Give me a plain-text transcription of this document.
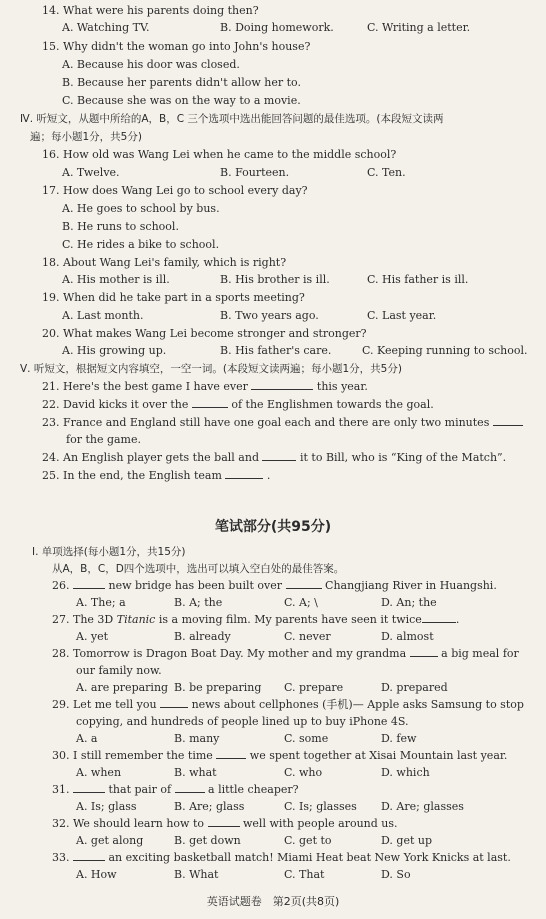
14. What were his parents doing then?
A. Watching TV.	B. Doing homework.	C. Writing a letter.
15. Why didn't the woman go into John's house?
A. Because his door was closed.
B. Because her parents didn't allow her to.
C. Because she was on the way to a movie.
Ⅳ. 听短文，从题中所给的A，B，C 三个选项中选出能回答问题的最佳选项。(本段短文读两
遍；每小题1分，共5分)
16. How old was Wang Lei when he came to the middle school?
A. Twelve.	B. Fourteen.	C. Ten.
17. How does Wang Lei go to school every day?
A. He goes to school by bus.
B. He runs to school.
C. He rides a bike to school.
18. About Wang Lei's family, which is right?
A. His mother is ill.	B. His brother is ill.	C. His father is ill.
19. When did he take part in a sports meeting?
A. Last month.	B. Two years ago.	C. Last year.
20. What makes Wang Lei become stronger and stronger?
A. His growing up.	B. His father's care.	C. Keeping running to school.
Ⅴ. 听短文，根据短文内容填空，一空一词。(本段短文读两遍；每小题1分，共5分)
21. Here's the best game I have ever	this year.
22. David kicks it over the	of the Englishmen towards the goal.
23. France and England still have one goal each and there are only two minutes
for the game.
24. An English player gets the ball and	it to Bill, who is “King of the Match”.
25. In the end, the English team	.
笔试部分(共95分)
Ⅰ. 单项选择(每小题1分，共15分)
从A，B，C，D四个选项中，选出可以填入空白处的最佳答案。
26.	new bridge has been built over	Changjiang River in Huangshi.
A. The; a	B. A; the	C. A; \	D. An; the
27. The 3D Titanic is a moving film. My parents have seen it twice	.
A. yet	B. already	C. never	D. almost
28. Tomorrow is Dragon Boat Day. My mother and my grandma	a big meal for
our family now.
A. are preparing B. be preparing C. prepare	D. prepared
29. Let me tell you	news about cellphones (手机)— Apple asks Samsung to stop
copying, and hundreds of people lined up to buy iPhone 4S.
A. a	B. many	C. some	D. few
30. I still remember the time	we spent together at Xisai Mountain last year.
A. when	B. what	C. who	D. which
31.	that pair of	a little cheaper?
A. Is; glass	B. Are; glass	C. Is; glasses D. Are; glasses
32. We should learn how to	well with people around us.
A. get along	B. get down	C. get to	D. get up
33.	an exciting basketball match! Miami Heat beat New York Knicks at last.
A. How	B. What	C. That	D. So
英语试题卷　第2页(共8页)
